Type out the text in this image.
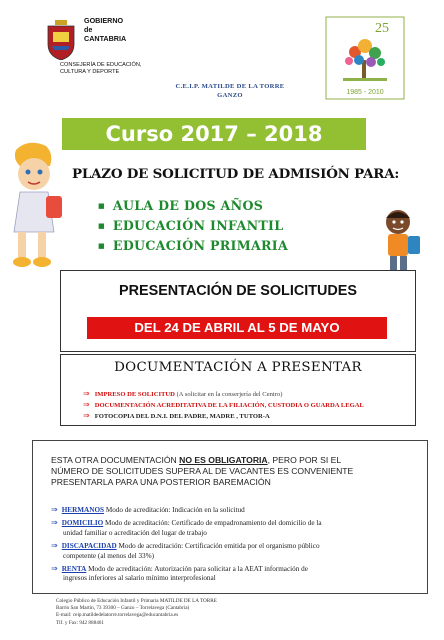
GOBIERNO
de
CANTABRIA
CONSEJERÍA DE EDUCACIÓN,
CULTURA Y DEPORTE
C.E.I.P. MATILDE DE LA TORRE
GANZO
25
1985 - 2010
Curso 2017 – 2018
PLAZO DE SOLICITUD DE ADMISIÓN PARA:
■ AULA DE DOS AÑOS
■ EDUCACIÓN INFANTIL
■ EDUCACIÓN PRIMARIA
PRESENTACIÓN DE SOLICITUDES
DEL 24 DE ABRIL AL 5 DE MAYO
DOCUMENTACIÓN A PRESENTAR
⇒ IMPRESO DE SOLICITUD (A solicitar en la conserjería del Centro)
⇒ DOCUMENTACIÓN ACREDITATIVA DE LA FILIACIÓN, CUSTODIA O GUARDA LEGAL
⇒ FOTOCOPIA DEL D.N.I. DEL PADRE, MADRE , TUTOR-A
ESTA OTRA DOCUMENTACIÓN NO ES OBLIGATORIA, PERO POR SI EL
NÚMERO DE SOLICITUDES SUPERA AL DE VACANTES ES CONVENIENTE
PRESENTARLA PARA UNA POSTERIOR BAREMACIÓN
⇒ HERMANOS Modo de acreditación: Indicación en la solicitud
⇒ DOMICILIO Modo de acreditación: Certificado de empadronamiento del domicilio de la
unidad familiar o acreditación del lugar de trabajo
⇒ DISCAPACIDAD Modo de acreditación: Certificación emitida por el organismo público
competente (al menos del 33%)
⇒ RENTA Modo de acreditación: Autorización para solicitar a la AEAT información de
ingresos inferiores al salario mínimo interprofesional
Colegio Público de Educación Infantil y Primaria MATILDE DE LA TORRE
Barrio San Martín, 73 39300 – Ganzo – Torrelavega (Cantabria)
E-mail: ceip.matildedelatorre.torrelavega@educantabria.es
Tlf. y Fax: 942 888461
